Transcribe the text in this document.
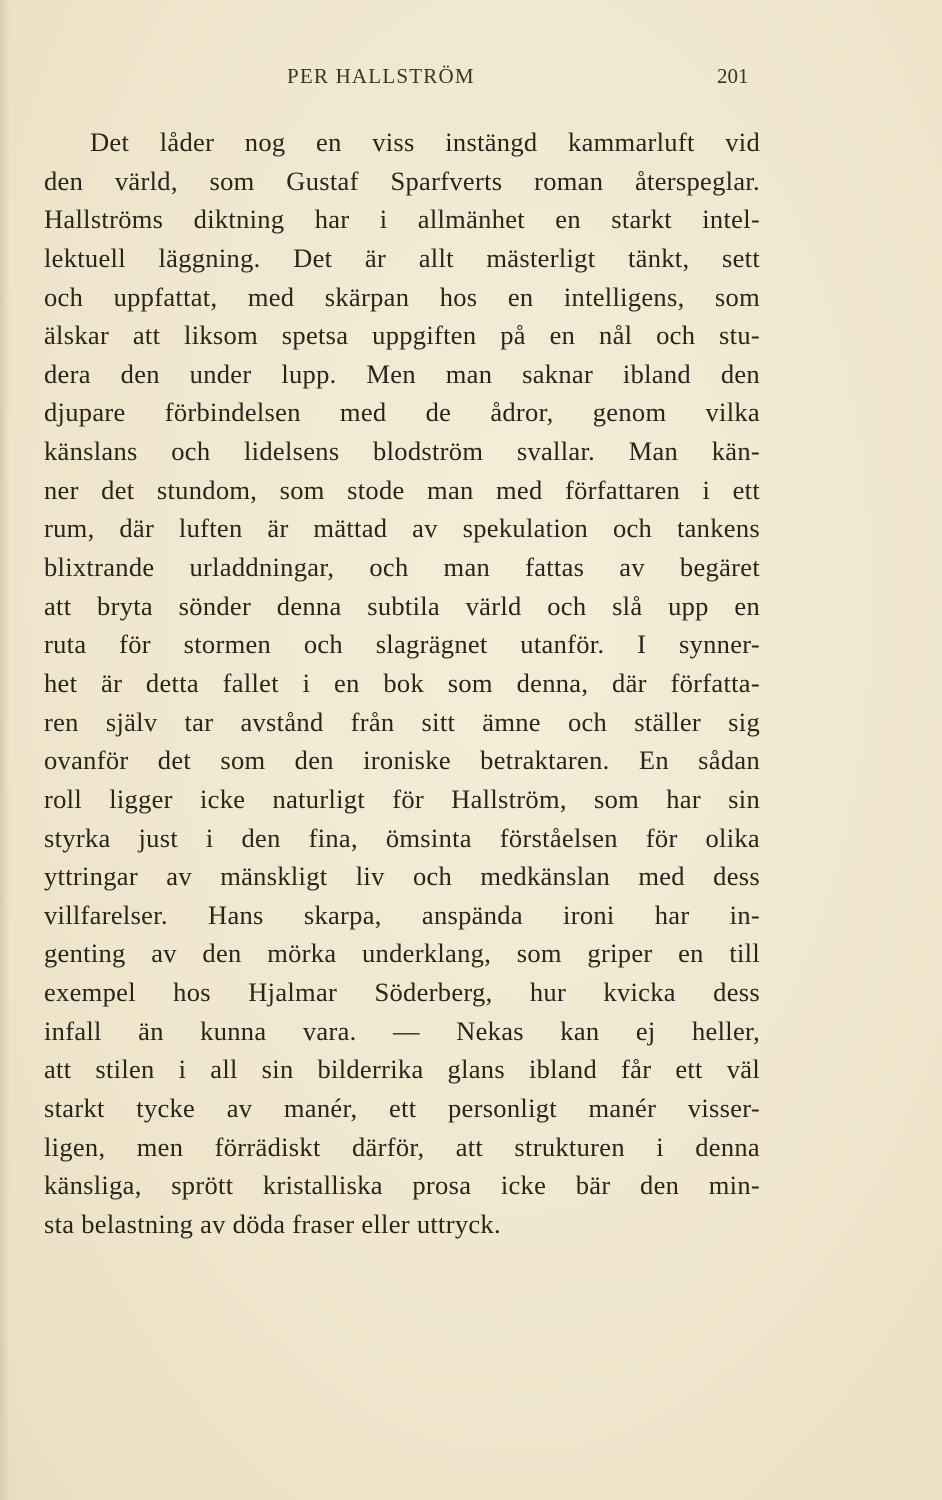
PER HALLSTRÖM	201
Det låder nog en viss instängd kammarluft vid
den värld, som Gustaf Sparfverts roman återspeglar.
Hallströms diktning har i allmänhet en starkt intel-
lektuell läggning. Det är allt mästerligt tänkt, sett
och uppfattat, med skärpan hos en intelligens, som
älskar att liksom spetsa uppgiften på en nål och stu-
dera den under lupp. Men man saknar ibland den
djupare förbindelsen med de ådror, genom vilka
känslans och lidelsens blodström svallar. Man kän-
ner det stundom, som stode man med författaren i ett
rum, där luften är mättad av spekulation och tankens
blixtrande urladdningar, och man fattas av begäret
att bryta sönder denna subtila värld och slå upp en
ruta för stormen och slagrägnet utanför. I synner-
het är detta fallet i en bok som denna, där författa-
ren själv tar avstånd från sitt ämne och ställer sig
ovanför det som den ironiske betraktaren. En sådan
roll ligger icke naturligt för Hallström, som har sin
styrka just i den fina, ömsinta förståelsen för olika
yttringar av mänskligt liv och medkänslan med dess
villfarelser. Hans skarpa, anspända ironi har in-
genting av den mörka underklang, som griper en till
exempel hos Hjalmar Söderberg, hur kvicka dess
infall än kunna vara. — Nekas kan ej heller,
att stilen i all sin bilderrika glans ibland får ett väl
starkt tycke av manér, ett personligt manér visser-
ligen, men förrädiskt därför, att strukturen i denna
känsliga, sprött kristalliska prosa icke bär den min-
sta belastning av döda fraser eller uttryck.
